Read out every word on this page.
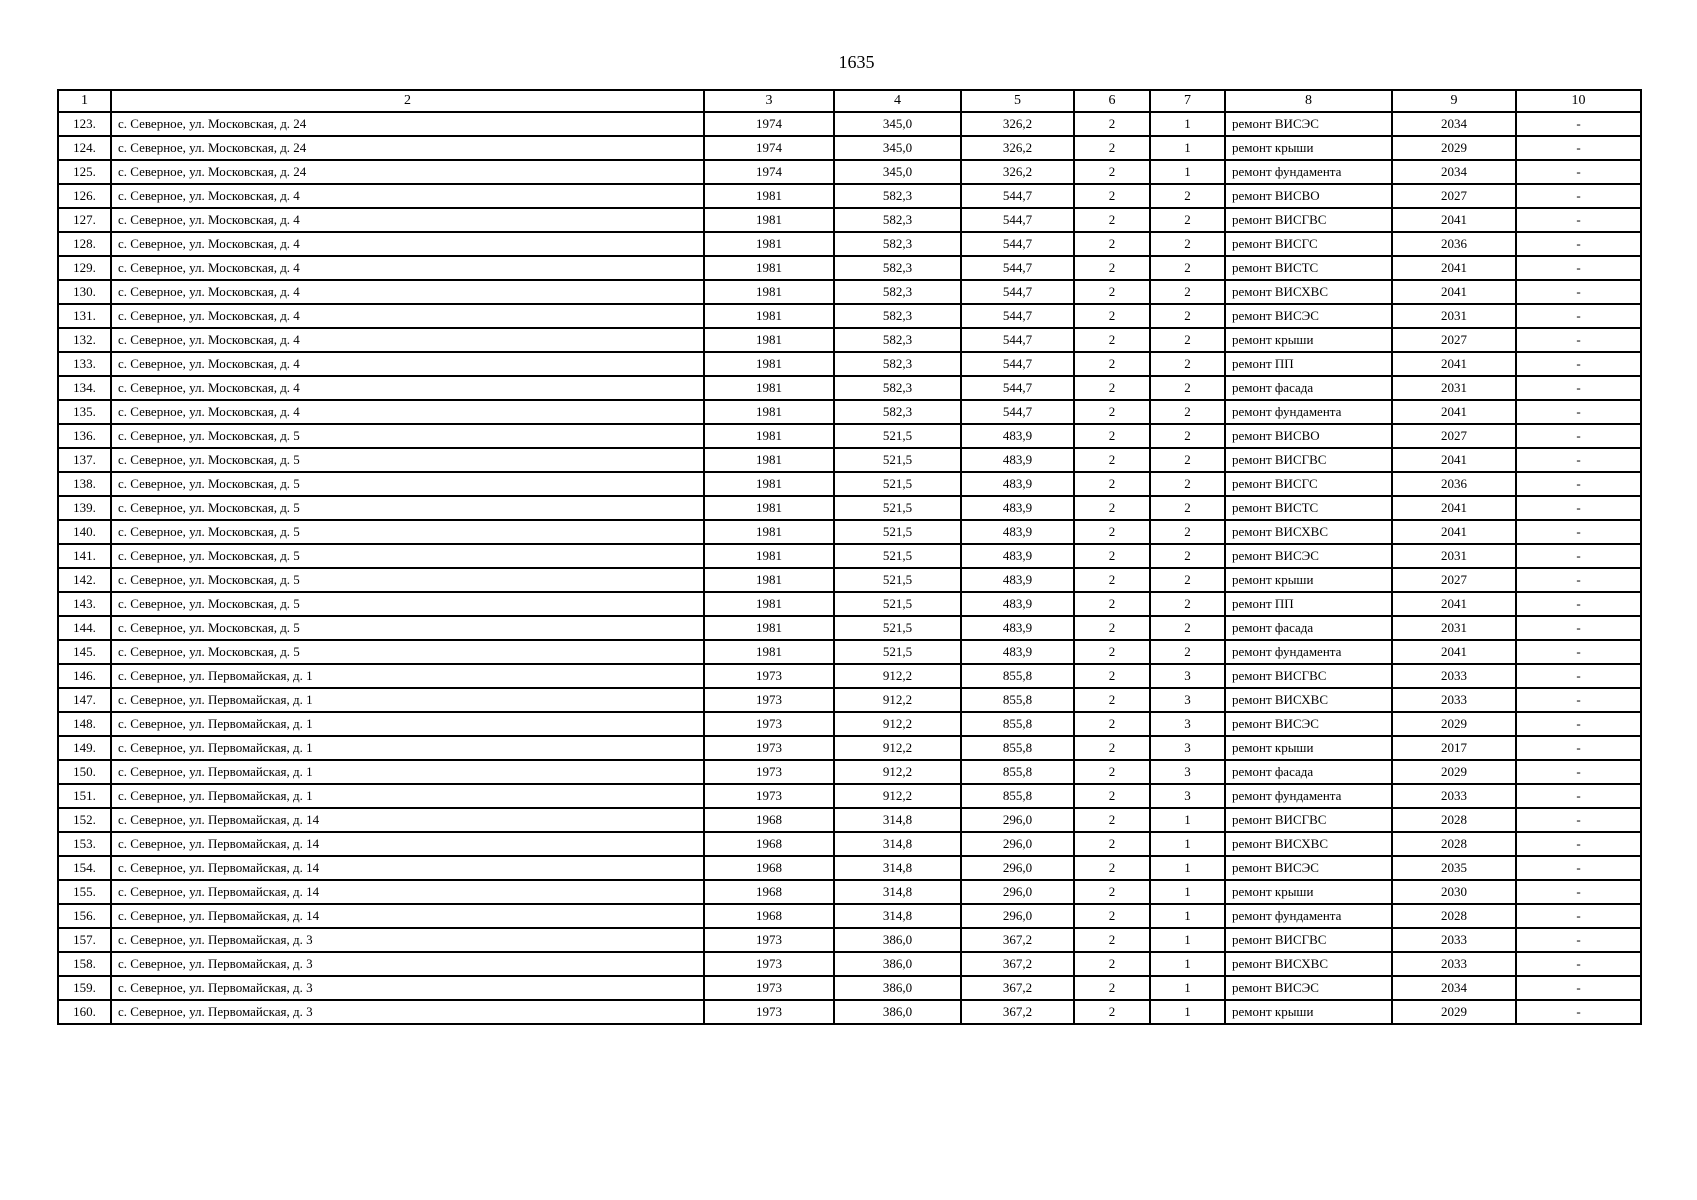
1635
1	2	3	4	5	6	7	8	9	10
123.	с. Северное, ул. Московская, д. 24	1974	345,0	326,2	2	1	ремонт ВИСЭС	2034	-
124.	с. Северное, ул. Московская, д. 24	1974	345,0	326,2	2	1	ремонт крыши	2029	-
125.	с. Северное, ул. Московская, д. 24	1974	345,0	326,2	2	1	ремонт фундамента	2034	-
126.	с. Северное, ул. Московская, д. 4	1981	582,3	544,7	2	2	ремонт ВИСВО	2027	-
127.	с. Северное, ул. Московская, д. 4	1981	582,3	544,7	2	2	ремонт ВИСГВС	2041	-
128.	с. Северное, ул. Московская, д. 4	1981	582,3	544,7	2	2	ремонт ВИСГС	2036	-
129.	с. Северное, ул. Московская, д. 4	1981	582,3	544,7	2	2	ремонт ВИСТС	2041	-
130.	с. Северное, ул. Московская, д. 4	1981	582,3	544,7	2	2	ремонт ВИСХВС	2041	-
131.	с. Северное, ул. Московская, д. 4	1981	582,3	544,7	2	2	ремонт ВИСЭС	2031	-
132.	с. Северное, ул. Московская, д. 4	1981	582,3	544,7	2	2	ремонт крыши	2027	-
133.	с. Северное, ул. Московская, д. 4	1981	582,3	544,7	2	2	ремонт ПП	2041	-
134.	с. Северное, ул. Московская, д. 4	1981	582,3	544,7	2	2	ремонт фасада	2031	-
135.	с. Северное, ул. Московская, д. 4	1981	582,3	544,7	2	2	ремонт фундамента	2041	-
136.	с. Северное, ул. Московская, д. 5	1981	521,5	483,9	2	2	ремонт ВИСВО	2027	-
137.	с. Северное, ул. Московская, д. 5	1981	521,5	483,9	2	2	ремонт ВИСГВС	2041	-
138.	с. Северное, ул. Московская, д. 5	1981	521,5	483,9	2	2	ремонт ВИСГС	2036	-
139.	с. Северное, ул. Московская, д. 5	1981	521,5	483,9	2	2	ремонт ВИСТС	2041	-
140.	с. Северное, ул. Московская, д. 5	1981	521,5	483,9	2	2	ремонт ВИСХВС	2041	-
141.	с. Северное, ул. Московская, д. 5	1981	521,5	483,9	2	2	ремонт ВИСЭС	2031	-
142.	с. Северное, ул. Московская, д. 5	1981	521,5	483,9	2	2	ремонт крыши	2027	-
143.	с. Северное, ул. Московская, д. 5	1981	521,5	483,9	2	2	ремонт ПП	2041	-
144.	с. Северное, ул. Московская, д. 5	1981	521,5	483,9	2	2	ремонт фасада	2031	-
145.	с. Северное, ул. Московская, д. 5	1981	521,5	483,9	2	2	ремонт фундамента	2041	-
146.	с. Северное, ул. Первомайская, д. 1	1973	912,2	855,8	2	3	ремонт ВИСГВС	2033	-
147.	с. Северное, ул. Первомайская, д. 1	1973	912,2	855,8	2	3	ремонт ВИСХВС	2033	-
148.	с. Северное, ул. Первомайская, д. 1	1973	912,2	855,8	2	3	ремонт ВИСЭС	2029	-
149.	с. Северное, ул. Первомайская, д. 1	1973	912,2	855,8	2	3	ремонт крыши	2017	-
150.	с. Северное, ул. Первомайская, д. 1	1973	912,2	855,8	2	3	ремонт фасада	2029	-
151.	с. Северное, ул. Первомайская, д. 1	1973	912,2	855,8	2	3	ремонт фундамента	2033	-
152.	с. Северное, ул. Первомайская, д. 14	1968	314,8	296,0	2	1	ремонт ВИСГВС	2028	-
153.	с. Северное, ул. Первомайская, д. 14	1968	314,8	296,0	2	1	ремонт ВИСХВС	2028	-
154.	с. Северное, ул. Первомайская, д. 14	1968	314,8	296,0	2	1	ремонт ВИСЭС	2035	-
155.	с. Северное, ул. Первомайская, д. 14	1968	314,8	296,0	2	1	ремонт крыши	2030	-
156.	с. Северное, ул. Первомайская, д. 14	1968	314,8	296,0	2	1	ремонт фундамента	2028	-
157.	с. Северное, ул. Первомайская, д. 3	1973	386,0	367,2	2	1	ремонт ВИСГВС	2033	-
158.	с. Северное, ул. Первомайская, д. 3	1973	386,0	367,2	2	1	ремонт ВИСХВС	2033	-
159.	с. Северное, ул. Первомайская, д. 3	1973	386,0	367,2	2	1	ремонт ВИСЭС	2034	-
160.	с. Северное, ул. Первомайская, д. 3	1973	386,0	367,2	2	1	ремонт крыши	2029	-
